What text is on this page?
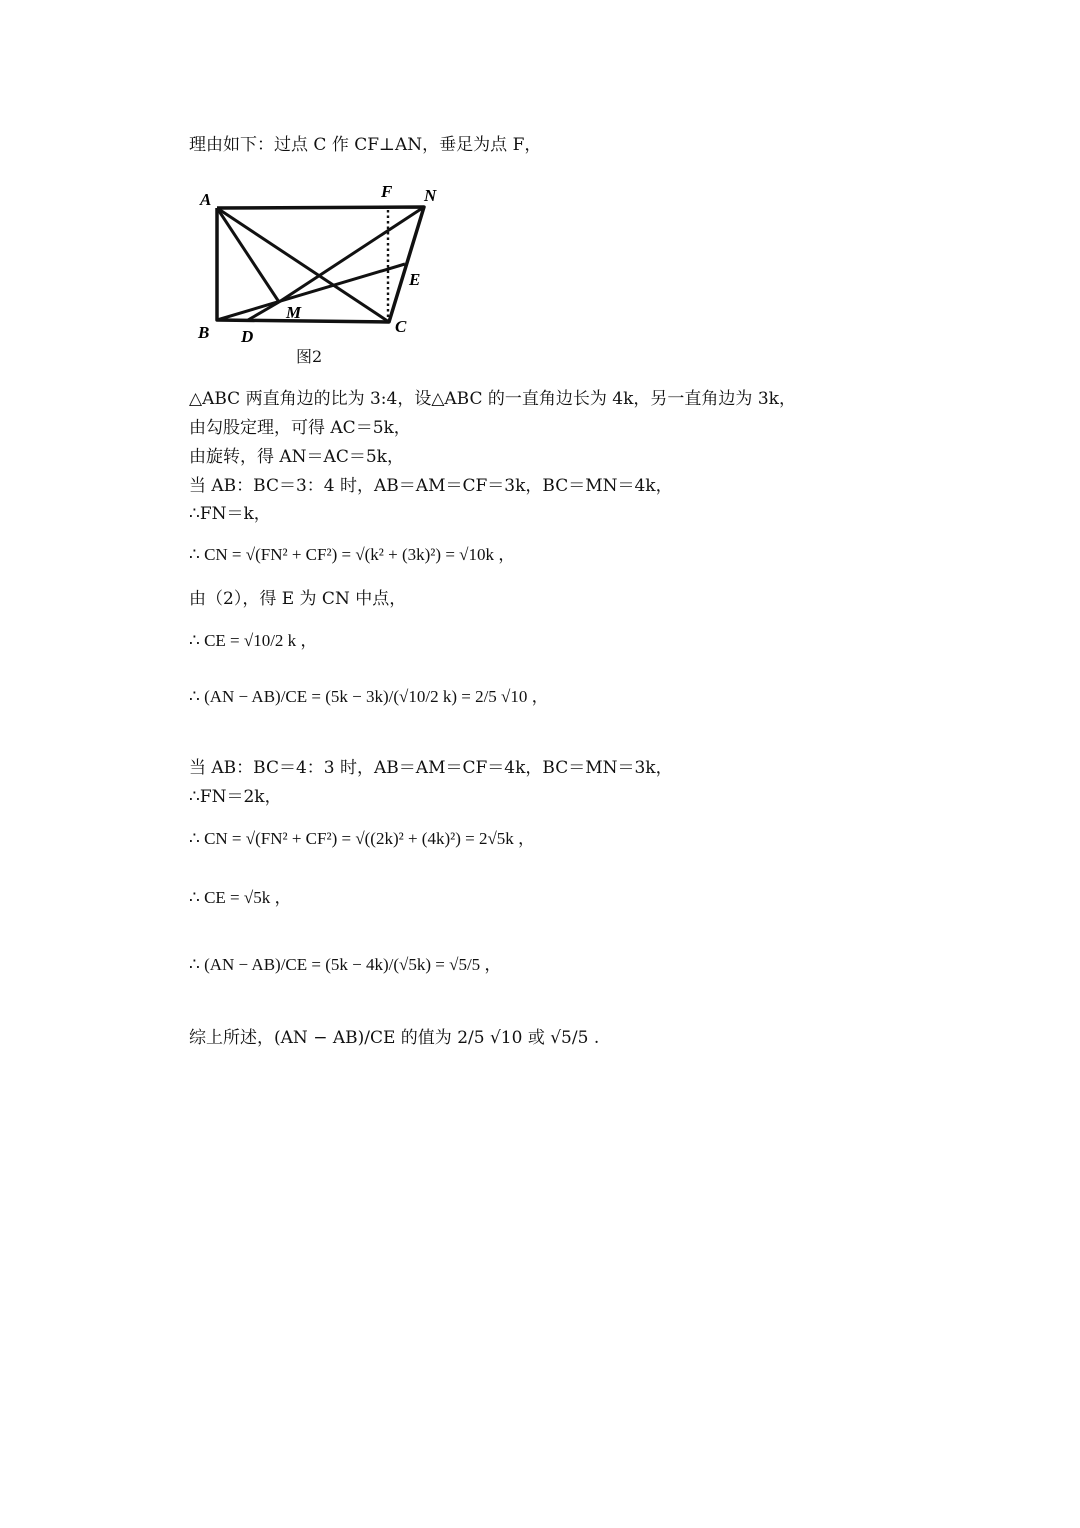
理由如下：过点 C 作 CF⊥AN，垂足为点 F，
A	F N
E
M
B D
C
图2
△ABC 两直角边的比为 3:4，设△ABC 的一直角边长为 4k，另一直角边为 3k，
由勾股定理，可得 AC＝5k，
由旋转，得 AN＝AC＝5k，
当 AB：BC＝3：4 时，AB＝AM＝CF＝3k，BC＝MN＝4k，
∴FN＝k，
∴ CN = √(FN² + CF²) = √(k² + (3k)²) = √10k ，
由（2），得 E 为 CN 中点，
∴ CE = √10/2 k ，
∴ (AN − AB)/CE = (5k − 3k)/(√10/2 k) = 2/5 √10 ，
当 AB：BC＝4：3 时，AB＝AM＝CF＝4k，BC＝MN＝3k，
∴FN＝2k，
∴ CN = √(FN² + CF²) = √((2k)² + (4k)²) = 2√5k ，
∴ CE = √5k ，
∴ (AN − AB)/CE = (5k − 4k)/(√5k) = √5/5 ，
综上所述，(AN − AB)/CE 的值为 2/5 √10 或 √5/5 .
